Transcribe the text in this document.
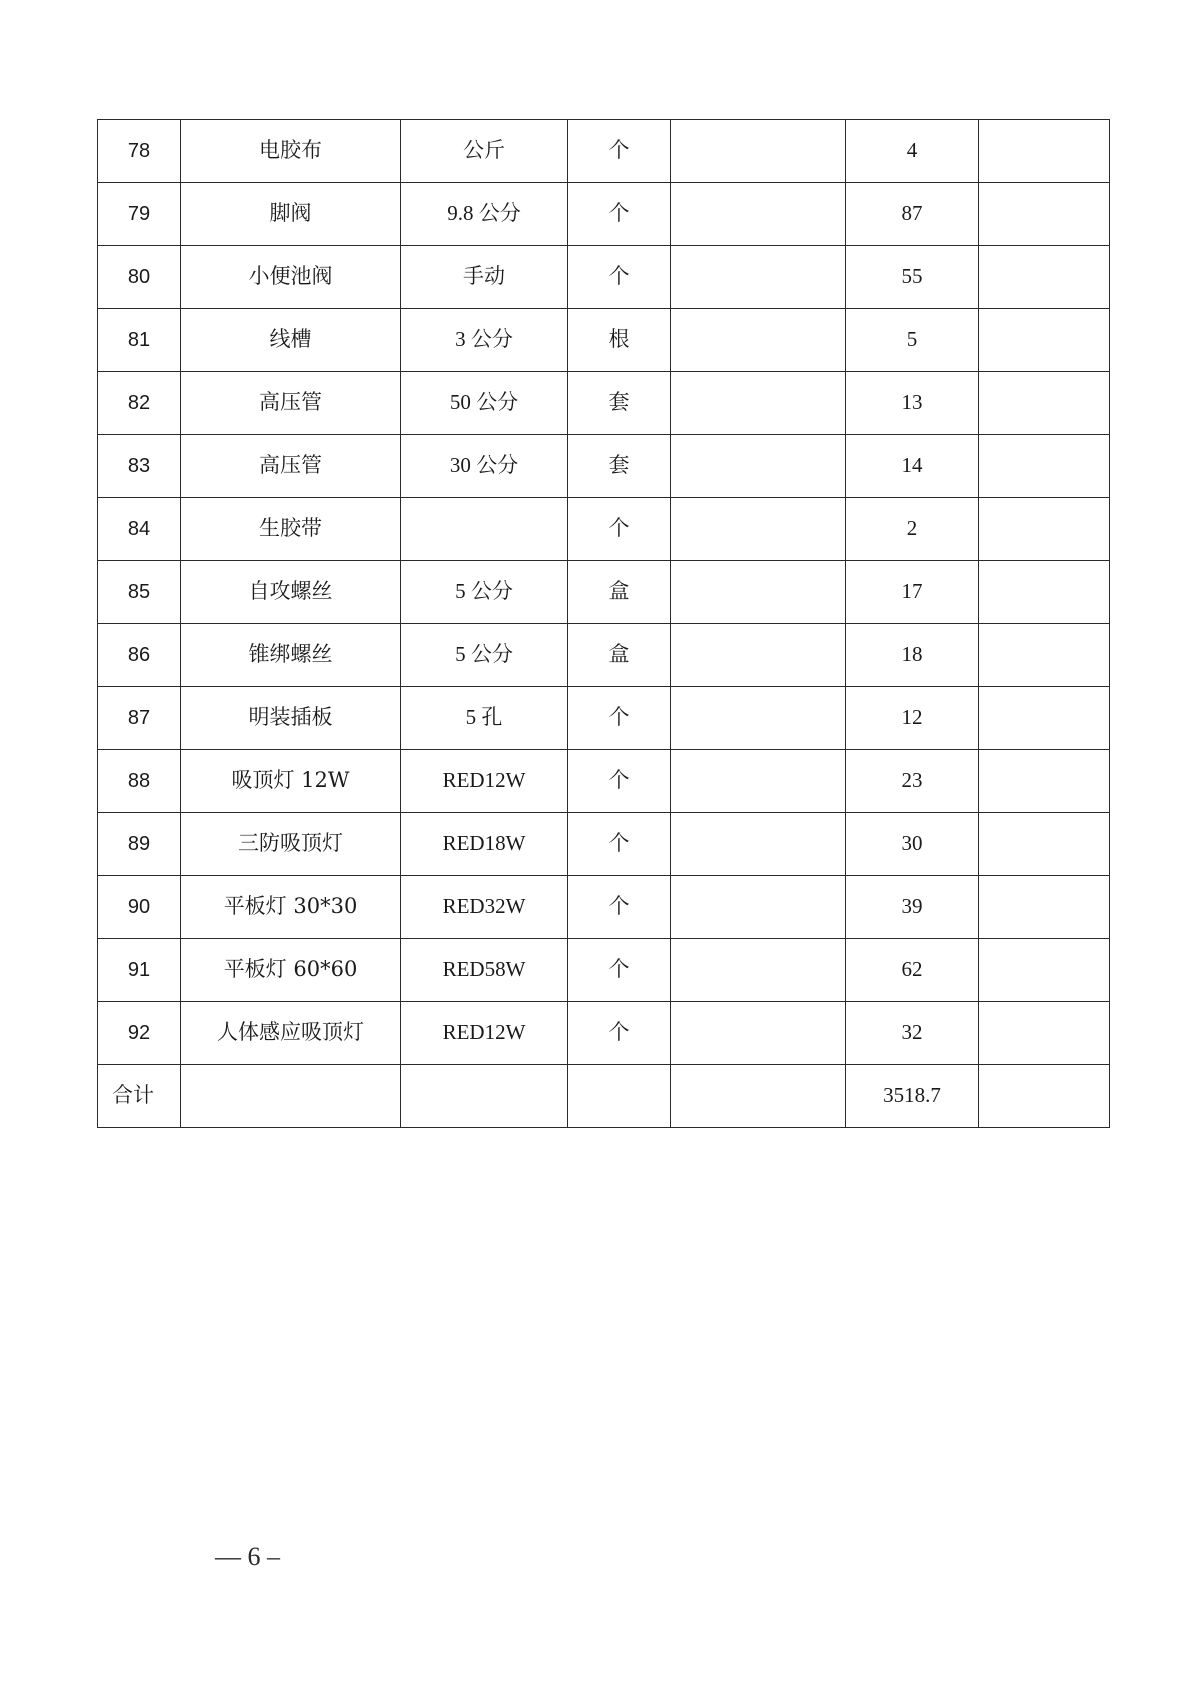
78	电胶布	公斤	个		4	
79	脚阀	9.8 公分	个		87	
80	小便池阀	手动	个		55	
81	线槽	3 公分	根		5	
82	高压管	50 公分	套		13	
83	高压管	30 公分	套		14	
84	生胶带		个		2	
85	自攻螺丝	5 公分	盒		17	
86	锥绑螺丝	5 公分	盒		18	
87	明装插板	5 孔	个		12	
88	吸顶灯 12W	RED12W	个		23	
89	三防吸顶灯	RED18W	个		30	
90	平板灯 30*30	RED32W	个		39	
91	平板灯 60*60	RED58W	个		62	
92	人体感应吸顶灯	RED12W	个		32	
合计					3518.7	
— 6 –
